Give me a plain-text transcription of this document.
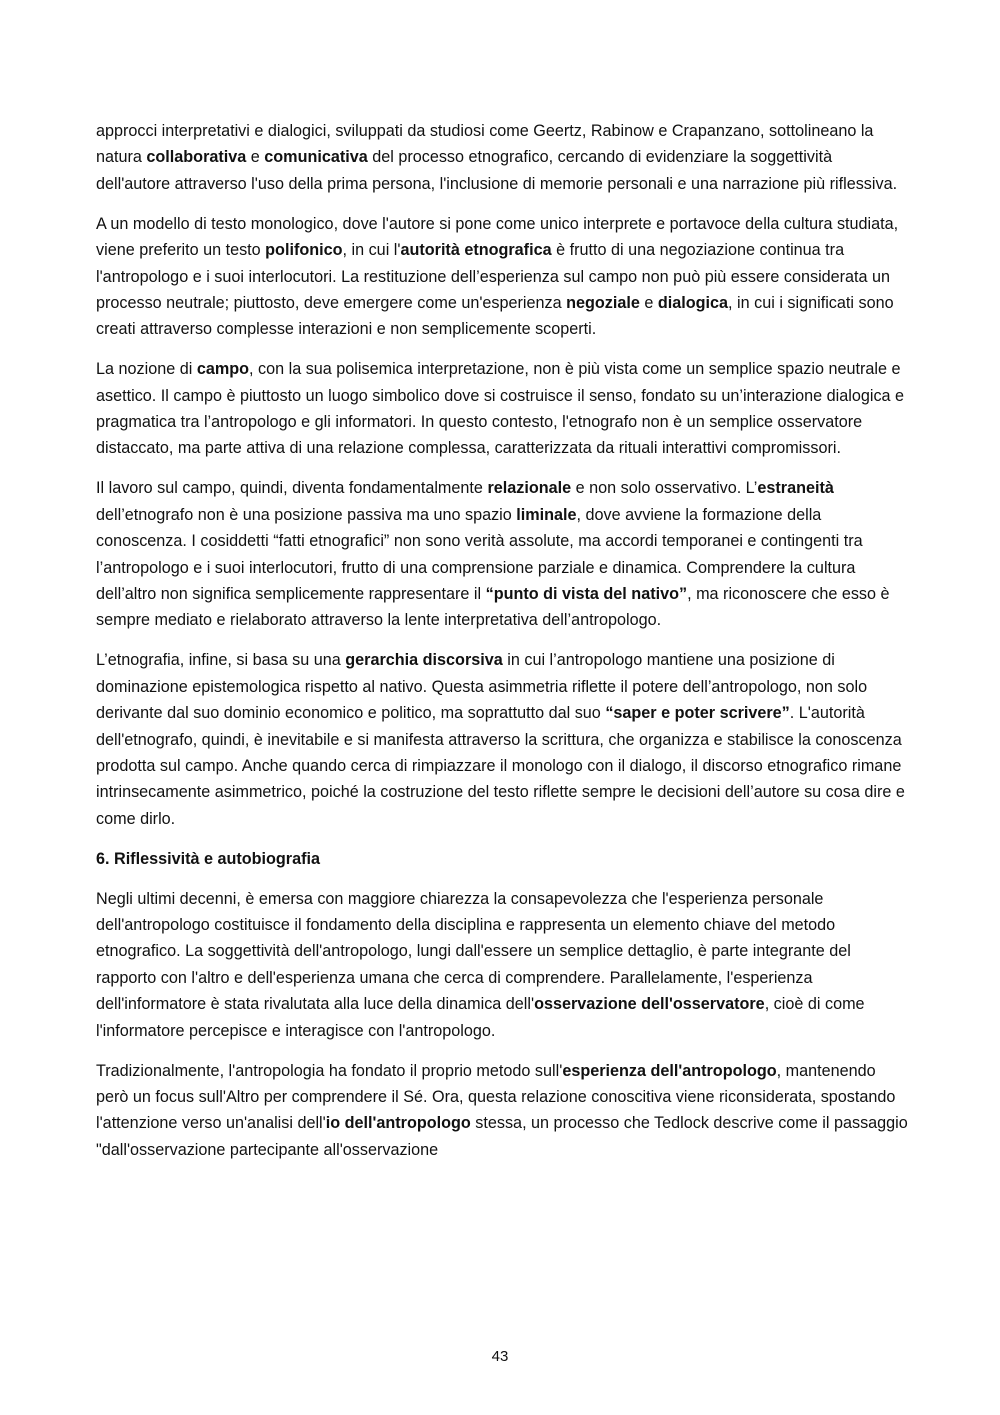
approcci interpretativi e dialogici, sviluppati da studiosi come Geertz, Rabinow e Crapanzano, sottolineano la natura collaborativa e comunicativa del processo etnografico, cercando di evidenziare la soggettività dell'autore attraverso l'uso della prima persona, l'inclusione di memorie personali e una narrazione più riflessiva.

A un modello di testo monologico, dove l'autore si pone come unico interprete e portavoce della cultura studiata, viene preferito un testo polifonico, in cui l'autorità etnografica è frutto di una negoziazione continua tra l'antropologo e i suoi interlocutori. La restituzione dell’esperienza sul campo non può più essere considerata un processo neutrale; piuttosto, deve emergere come un'esperienza negoziale e dialogica, in cui i significati sono creati attraverso complesse interazioni e non semplicemente scoperti.

La nozione di campo, con la sua polisemica interpretazione, non è più vista come un semplice spazio neutrale e asettico. Il campo è piuttosto un luogo simbolico dove si costruisce il senso, fondato su un’interazione dialogica e pragmatica tra l’antropologo e gli informatori. In questo contesto, l'etnografo non è un semplice osservatore distaccato, ma parte attiva di una relazione complessa, caratterizzata da rituali interattivi compromissori.

Il lavoro sul campo, quindi, diventa fondamentalmente relazionale e non solo osservativo. L’estraneità dell’etnografo non è una posizione passiva ma uno spazio liminale, dove avviene la formazione della conoscenza. I cosiddetti “fatti etnografici” non sono verità assolute, ma accordi temporanei e contingenti tra l’antropologo e i suoi interlocutori, frutto di una comprensione parziale e dinamica. Comprendere la cultura dell’altro non significa semplicemente rappresentare il “punto di vista del nativo”, ma riconoscere che esso è sempre mediato e rielaborato attraverso la lente interpretativa dell’antropologo.

L’etnografia, infine, si basa su una gerarchia discorsiva in cui l’antropologo mantiene una posizione di dominazione epistemologica rispetto al nativo. Questa asimmetria riflette il potere dell’antropologo, non solo derivante dal suo dominio economico e politico, ma soprattutto dal suo “saper e poter scrivere”. L'autorità dell'etnografo, quindi, è inevitabile e si manifesta attraverso la scrittura, che organizza e stabilisce la conoscenza prodotta sul campo. Anche quando cerca di rimpiazzare il monologo con il dialogo, il discorso etnografico rimane intrinsecamente asimmetrico, poiché la costruzione del testo riflette sempre le decisioni dell’autore su cosa dire e come dirlo.

6. Riflessività e autobiografia

Negli ultimi decenni, è emersa con maggiore chiarezza la consapevolezza che l'esperienza personale dell'antropologo costituisce il fondamento della disciplina e rappresenta un elemento chiave del metodo etnografico. La soggettività dell'antropologo, lungi dall'essere un semplice dettaglio, è parte integrante del rapporto con l'altro e dell'esperienza umana che cerca di comprendere. Parallelamente, l'esperienza dell'informatore è stata rivalutata alla luce della dinamica dell'osservazione dell'osservatore, cioè di come l'informatore percepisce e interagisce con l'antropologo.

Tradizionalmente, l'antropologia ha fondato il proprio metodo sull'esperienza dell'antropologo, mantenendo però un focus sull'Altro per comprendere il Sé. Ora, questa relazione conoscitiva viene riconsiderata, spostando l'attenzione verso un'analisi dell'io dell'antropologo stessa, un processo che Tedlock descrive come il passaggio "dall'osservazione partecipante all'osservazione

43
